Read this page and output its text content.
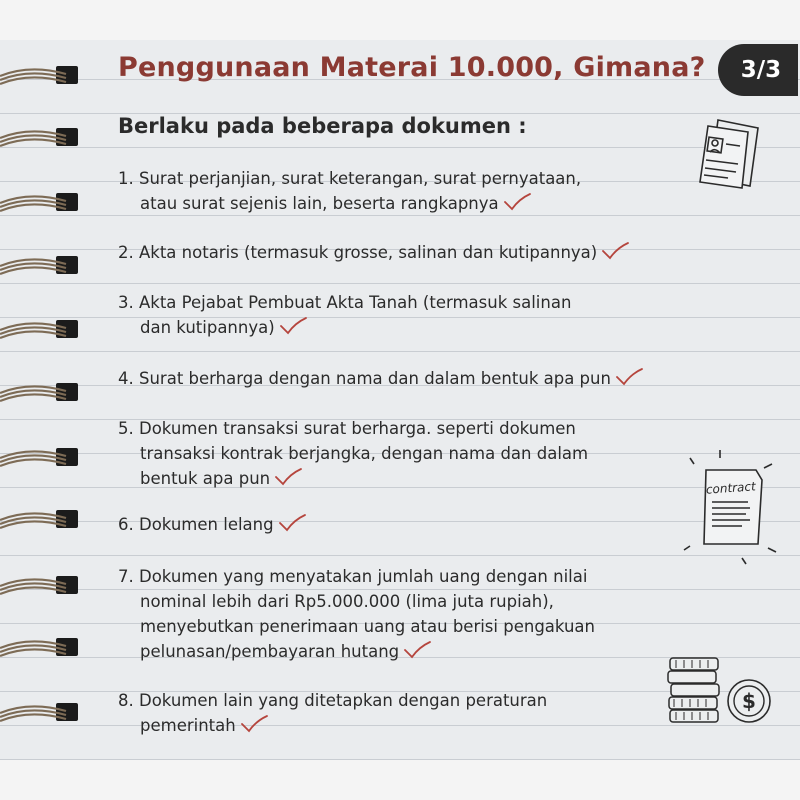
Penggunaan Materai 10.000, Gimana?	3/3
Berlaku pada beberapa dokumen :
1. Surat perjanjian, surat keterangan, surat pernyataan,
atau surat sejenis lain, beserta rangkapnya
2. Akta notaris (termasuk grosse, salinan dan kutipannya)
3. Akta Pejabat Pembuat Akta Tanah (termasuk salinan
dan kutipannya)
4. Surat berharga dengan nama dan dalam bentuk apa pun
5. Dokumen transaksi surat berharga. seperti dokumen
transaksi kontrak berjangka, dengan nama dan dalam
bentuk apa pun
6. Dokumen lelang
7. Dokumen yang menyatakan jumlah uang dengan nilai
nominal lebih dari Rp5.000.000 (lima juta rupiah),
menyebutkan penerimaan uang atau berisi pengakuan
pelunasan/pembayaran hutang
8. Dokumen lain yang ditetapkan dengan peraturan
pemerintah
contract
$
